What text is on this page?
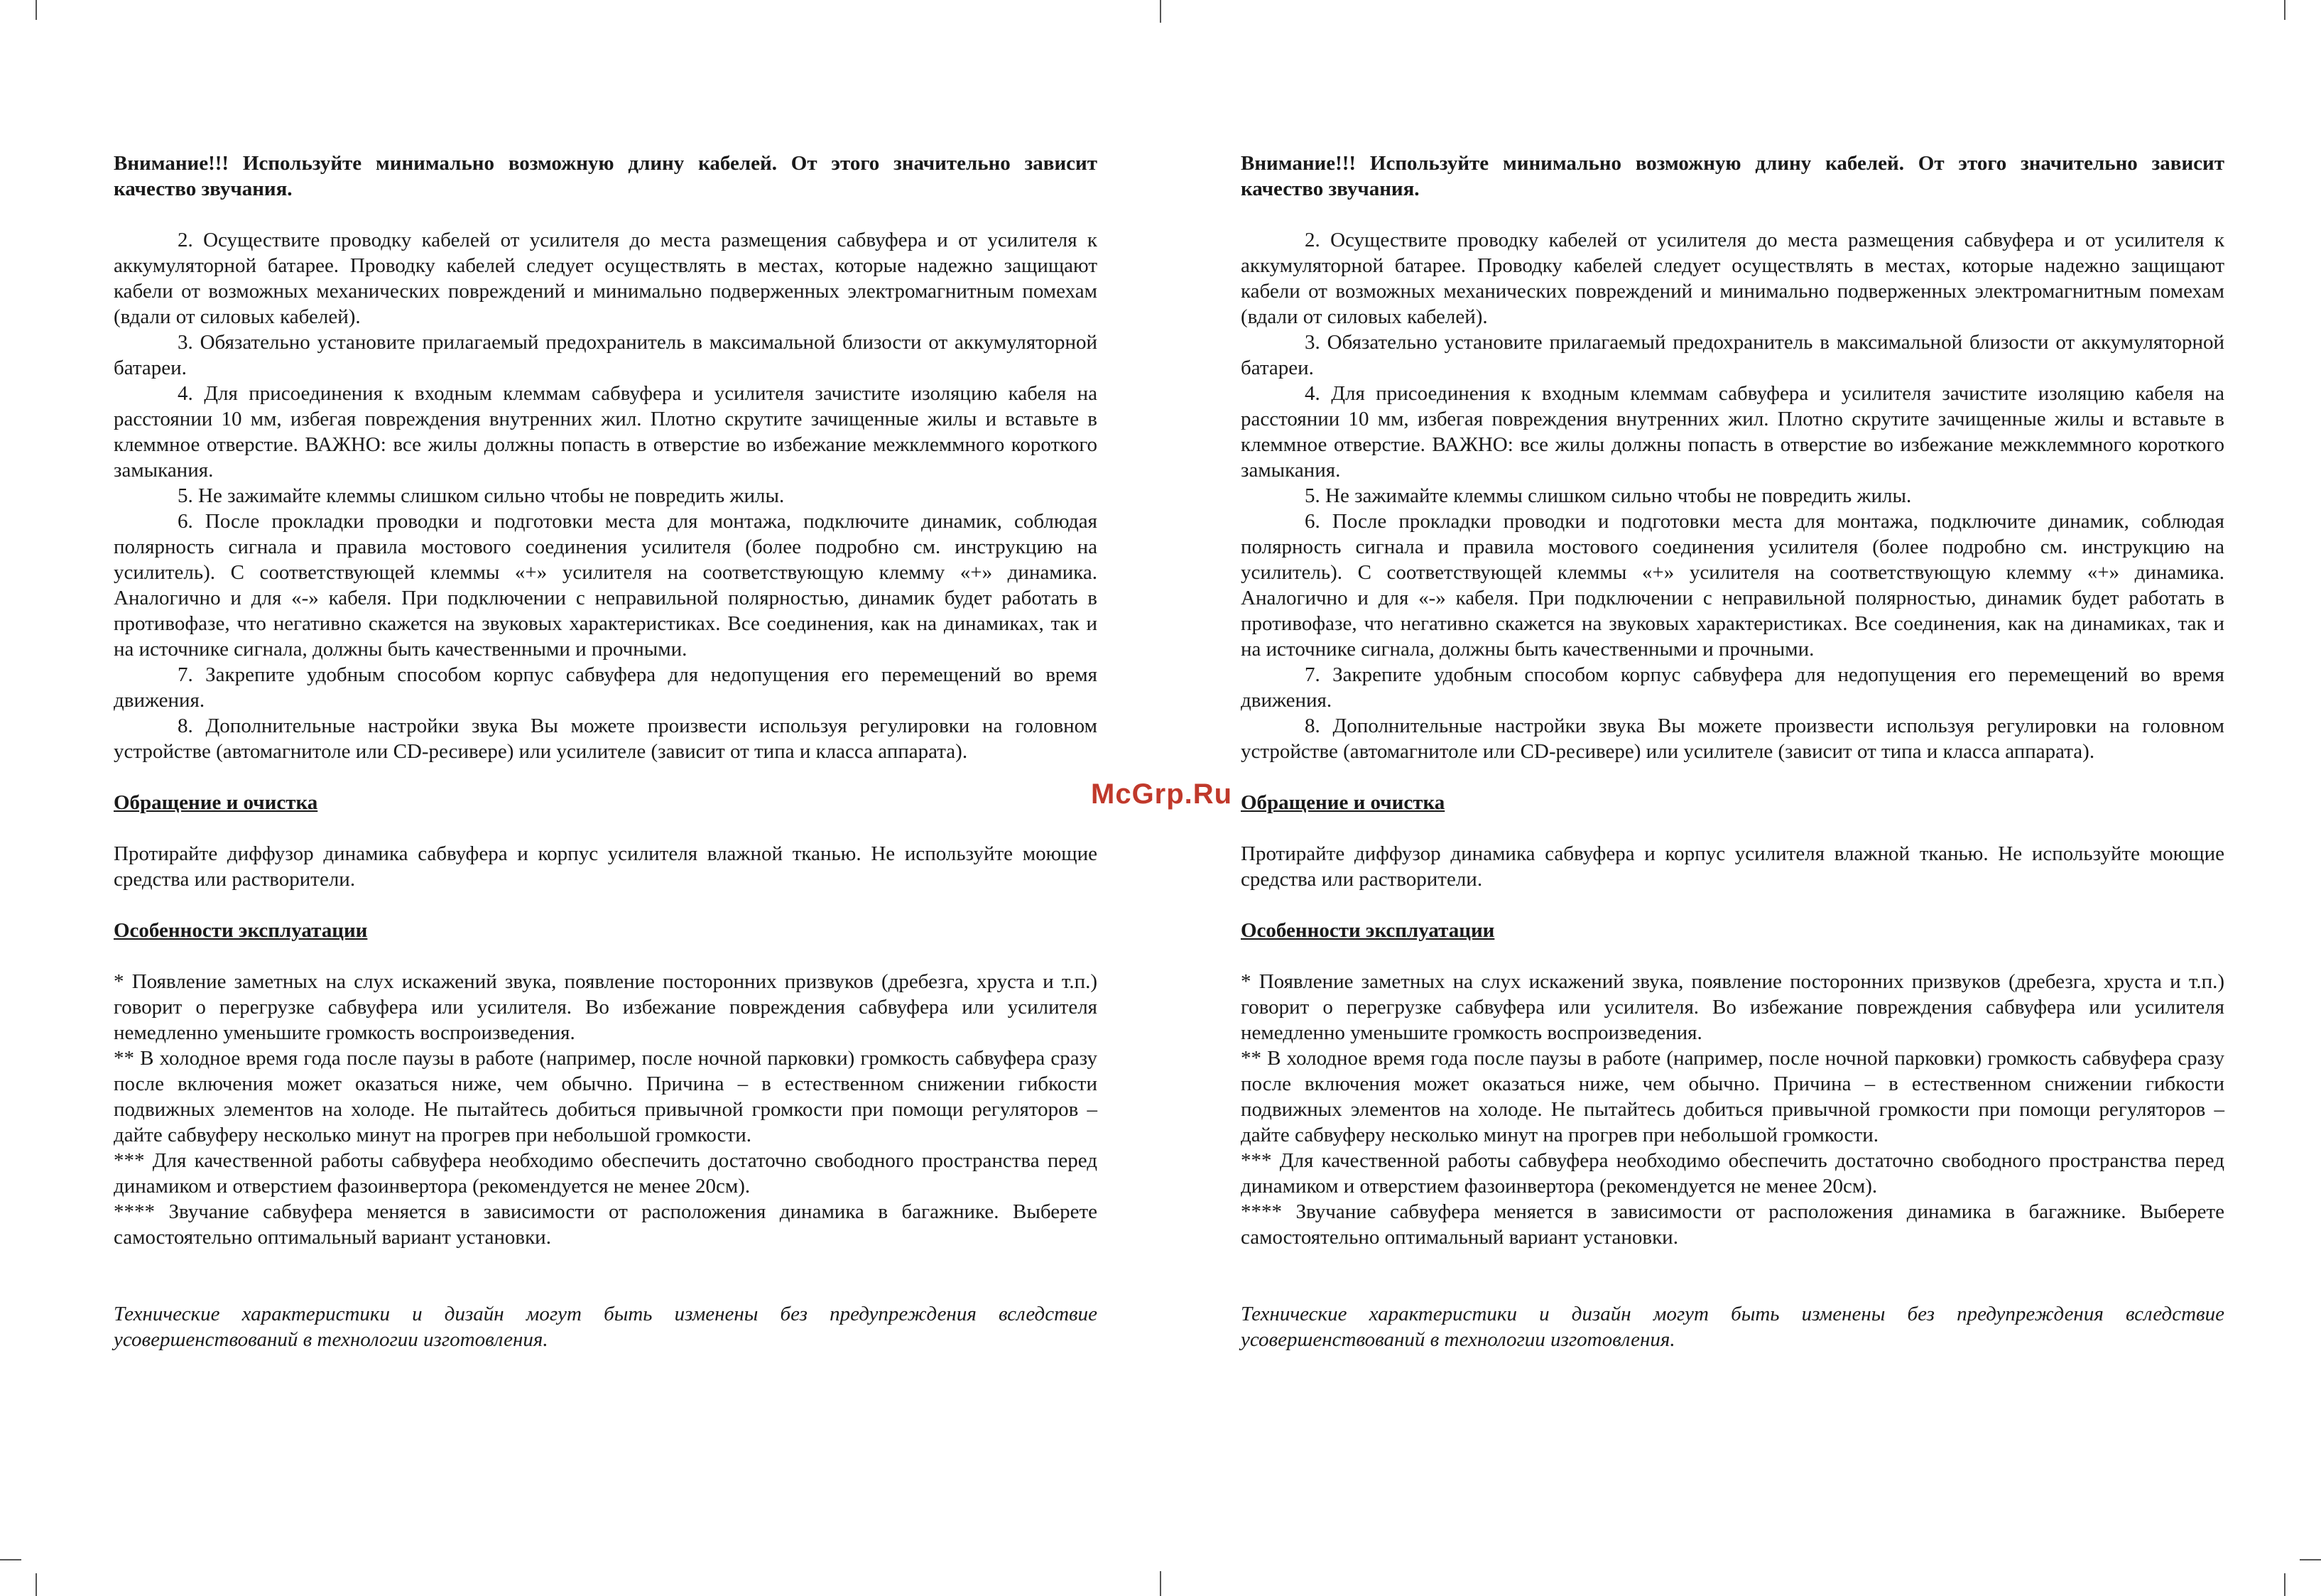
Внимание!!! Используйте минимально возможную длину кабелей. От этого значительно зависит качество звучания.

2. Осуществите проводку кабелей от усилителя до места размещения сабвуфера и от усилителя к аккумуляторной батарее. Проводку кабелей следует осуществлять в местах, которые надежно защищают кабели от возможных механических повреждений и минимально подверженных электромагнитным помехам (вдали от силовых кабелей).

3. Обязательно установите прилагаемый предохранитель в максимальной близости от аккумуляторной батареи.

4. Для присоединения к входным клеммам сабвуфера и усилителя зачистите изоляцию кабеля на расстоянии 10 мм, избегая повреждения внутренних жил. Плотно скрутите зачищенные жилы и вставьте в клеммное отверстие. ВАЖНО: все жилы должны попасть в отверстие во избежание межклеммного короткого замыкания.

5. Не зажимайте клеммы слишком сильно чтобы не повредить жилы.

6. После прокладки проводки и подготовки места для монтажа, подключите динамик, соблюдая полярность сигнала и правила мостового соединения усилителя (более подробно см. инструкцию на усилитель). С соответствующей клеммы «+» усилителя на соответствующую клемму «+» динамика. Аналогично и для «-» кабеля. При подключении с неправильной полярностью, динамик будет работать в противофазе, что негативно скажется на звуковых характеристиках. Все соединения, как на динамиках, так и на источнике сигнала, должны быть качественными и прочными.

7. Закрепите удобным способом корпус сабвуфера для недопущения его перемещений во время движения.

8. Дополнительные настройки звука Вы можете произвести используя регулировки на головном устройстве (автомагнитоле или CD-ресивере) или усилителе (зависит от типа и класса аппарата).

Обращение и очистка

Протирайте диффузор динамика сабвуфера и корпус усилителя влажной тканью. Не используйте моющие средства или растворители.

Особенности эксплуатации

* Появление заметных на слух искажений звука, появление посторонних призвуков (дребезга, хруста и т.п.) говорит о перегрузке сабвуфера или усилителя. Во избежание повреждения сабвуфера или усилителя немедленно уменьшите громкость воспроизведения.

** В холодное время года после паузы в работе (например, после ночной парковки) громкость сабвуфера сразу после включения может оказаться ниже, чем обычно. Причина – в естественном снижении гибкости подвижных элементов на холоде. Не пытайтесь добиться привычной громкости при помощи регуляторов – дайте сабвуферу несколько минут на прогрев при небольшой громкости.

*** Для качественной работы сабвуфера необходимо обеспечить достаточно свободного пространства перед динамиком и отверстием фазоинвертора (рекомендуется не менее 20см).

**** Звучание сабвуфера меняется в зависимости от расположения динамика в багажнике. Выберете самостоятельно оптимальный вариант установки.

Технические характеристики и дизайн могут быть изменены без предупреждения вследствие усовершенствований в технологии изготовления.

Внимание!!! Используйте минимально возможную длину кабелей. От этого значительно зависит качество звучания.

2. Осуществите проводку кабелей от усилителя до места размещения сабвуфера и от усилителя к аккумуляторной батарее. Проводку кабелей следует осуществлять в местах, которые надежно защищают кабели от возможных механических повреждений и минимально подверженных электромагнитным помехам (вдали от силовых кабелей).

3. Обязательно установите прилагаемый предохранитель в максимальной близости от аккумуляторной батареи.

4. Для присоединения к входным клеммам сабвуфера и усилителя зачистите изоляцию кабеля на расстоянии 10 мм, избегая повреждения внутренних жил. Плотно скрутите зачищенные жилы и вставьте в клеммное отверстие. ВАЖНО: все жилы должны попасть в отверстие во избежание межклеммного короткого замыкания.

5. Не зажимайте клеммы слишком сильно чтобы не повредить жилы.

6. После прокладки проводки и подготовки места для монтажа, подключите динамик, соблюдая полярность сигнала и правила мостового соединения усилителя (более подробно см. инструкцию на усилитель). С соответствующей клеммы «+» усилителя на соответствующую клемму «+» динамика. Аналогично и для «-» кабеля. При подключении с неправильной полярностью, динамик будет работать в противофазе, что негативно скажется на звуковых характеристиках. Все соединения, как на динамиках, так и на источнике сигнала, должны быть качественными и прочными.

7. Закрепите удобным способом корпус сабвуфера для недопущения его перемещений во время движения.

8. Дополнительные настройки звука Вы можете произвести используя регулировки на головном устройстве (автомагнитоле или CD-ресивере) или усилителе (зависит от типа и класса аппарата).

Обращение и очистка

Протирайте диффузор динамика сабвуфера и корпус усилителя влажной тканью. Не используйте моющие средства или растворители.

Особенности эксплуатации

* Появление заметных на слух искажений звука, появление посторонних призвуков (дребезга, хруста и т.п.) говорит о перегрузке сабвуфера или усилителя. Во избежание повреждения сабвуфера или усилителя немедленно уменьшите громкость воспроизведения.

** В холодное время года после паузы в работе (например, после ночной парковки) громкость сабвуфера сразу после включения может оказаться ниже, чем обычно. Причина – в естественном снижении гибкости подвижных элементов на холоде. Не пытайтесь добиться привычной громкости при помощи регуляторов – дайте сабвуферу несколько минут на прогрев при небольшой громкости.

*** Для качественной работы сабвуфера необходимо обеспечить достаточно свободного пространства перед динамиком и отверстием фазоинвертора (рекомендуется не менее 20см).

**** Звучание сабвуфера меняется в зависимости от расположения динамика в багажнике. Выберете самостоятельно оптимальный вариант установки.

Технические характеристики и дизайн могут быть изменены без предупреждения вследствие усовершенствований в технологии изготовления.

McGrp.Ru
